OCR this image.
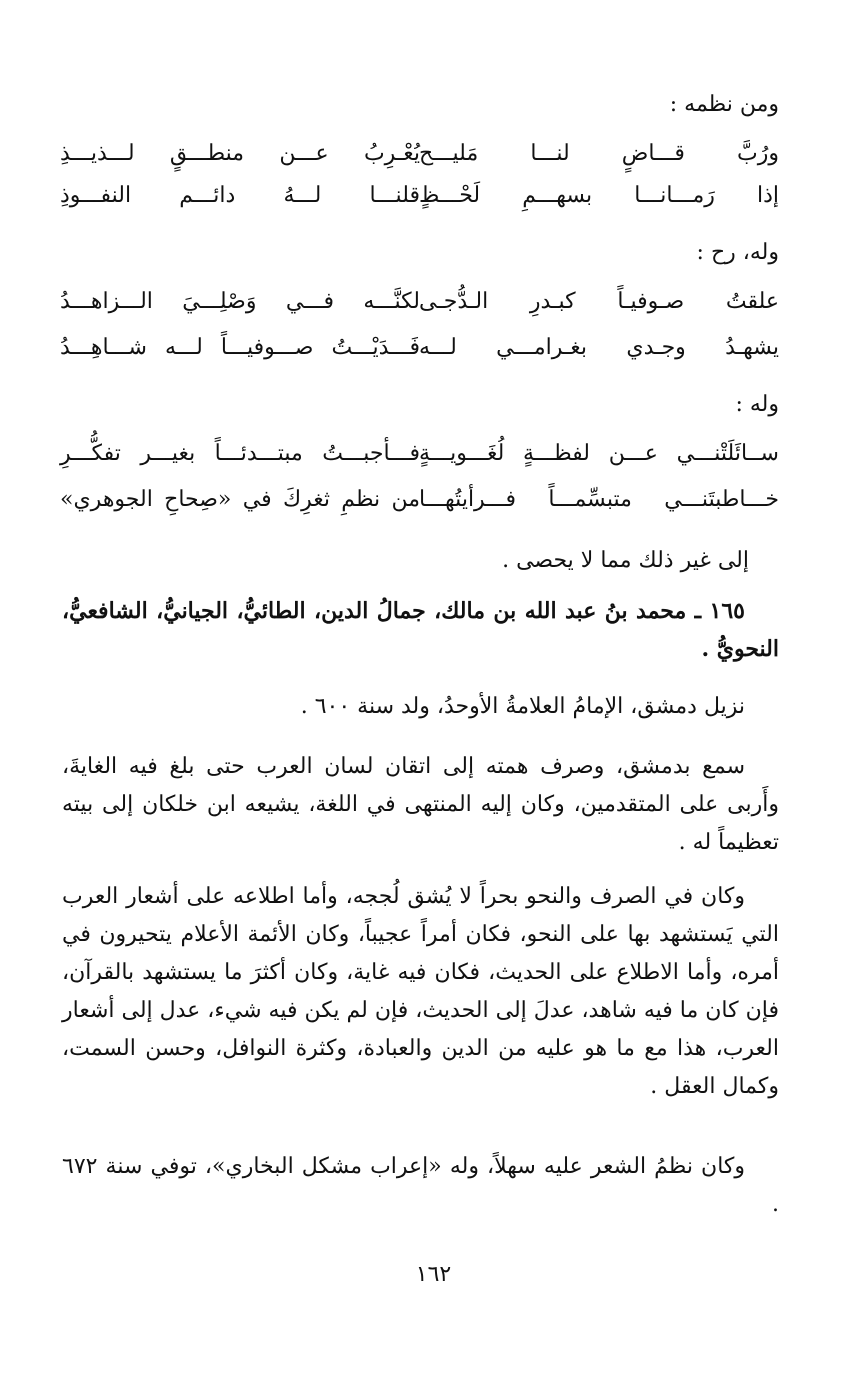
ومن نظمه :
ورُبَّ قـــاضٍ لنـــا مَليـــح
يُعْـرِبُ عـــن منطـــقٍ لـــذيـــذِ
إذا رَمـــانـــا بسهـــمِ لَحْـــظٍ
قلنـــا لـــهُ دائـــم النفـــوذِ
وله، رح :
علقتُ صـوفيـاً كبـدرِ الـدُّجـى
لكنَّـــه فـــي وَصْلِـــيَ الـــزاهـــدُ
يشهـدُ وجـدي بغـرامـــي لـــه
فَـــدَيْـــتُ صـــوفيـــاً لـــه شـــاهِـــدُ
وله :
ســائَلَتْنـــي عـــن لفظـــةٍ لُغَـــويـــةٍ
فـــأجبـــتُ مبتـــدئـــاً بغيـــر تفكُّـــرِ
خـــاطبتَنـــي متبسِّمـــاً فـــرأيتُهـــا
من نظمِ ثغرِكَ في «صِحاحِ الجوهري»
إلى غير ذلك مما لا يحصى .
١٦٥ ـ محمد بنُ عبد الله بن مالك، جمالُ الدين، الطائيُّ، الجيانيُّ، الشافعيُّ، النحويُّ .
نزيل دمشق، الإمامُ العلامةُ الأوحدُ، ولد سنة ٦٠٠ .
سمع بدمشق، وصرف همته إلى اتقان لسان العرب حتى بلغ فيه الغايةَ، وأَربى على المتقدمين، وكان إليه المنتهى في اللغة، يشيعه ابن خلكان إلى بيته تعظيماً له .
وكان في الصرف والنحو بحراً لا يُشق لُججه، وأما اطلاعه على أشعار العرب التي يَستشهد بها على النحو، فكان أمراً عجيباً، وكان الأئمة الأعلام يتحيرون في أمره، وأما الاطلاع على الحديث، فكان فيه غاية، وكان أكثرَ ما يستشهد بالقرآن، فإن كان ما فيه شاهد، عدلَ إلى الحديث، فإن لم يكن فيه شيء، عدل إلى أشعار العرب، هذا مع ما هو عليه من الدين والعبادة، وكثرة النوافل، وحسن السمت، وكمال العقل .
وكان نظمُ الشعر عليه سهلاً، وله «إعراب مشكل البخاري»، توفي سنة ٦٧٢ .
١٦٢
